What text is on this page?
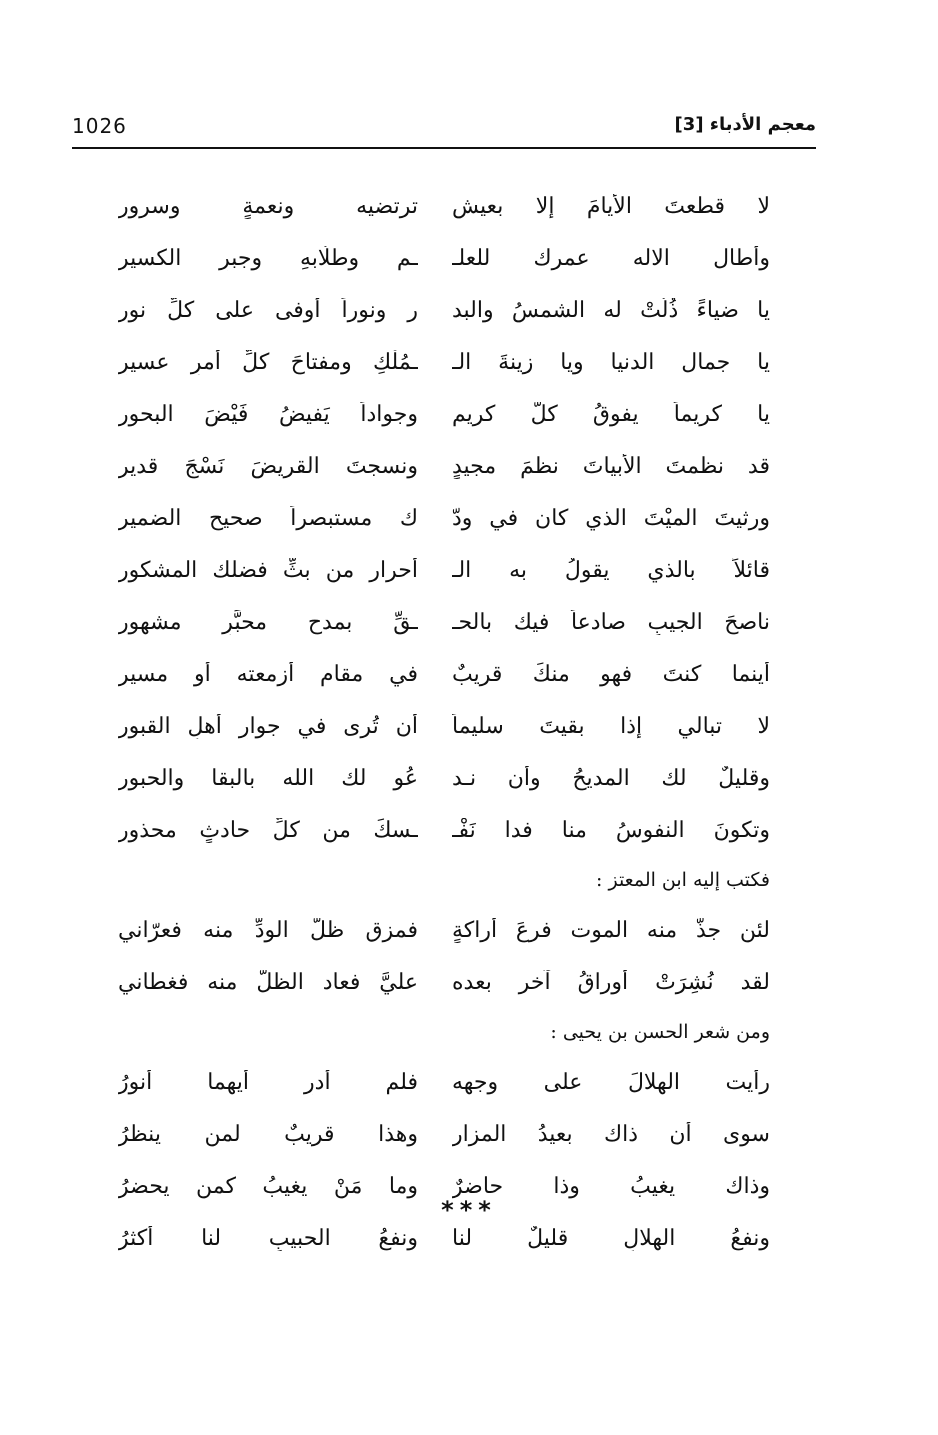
1026	معجم الأدباء [3]
لا قطعتَ الأيامَ إلا بعيشٍ
ترتضيه ونعمةٍ وسرورِ
وأطال الاله عمرك للعلـ
ـم وطلّابهِ وجبرِ الكسيرِ
يا ضياءً ذُلّتْ له الشمسُ والبد
ر ونوراً أوفى على كلِّ نورِ
يا جمال الدنيا ويا زينةَ الـ
ـمُلْكِ ومفتاحَ كلِّ أمرٍ عسيرِ
يا كريماً يفوقُ كلَّ كريمٍ
وجواداً يَفيضُ فَيْضَ البحورِ
قد نظمتَ الأبياتَ نظمَ مجيدٍ
ونسجتَ القريضَ نَسْجَ قديرِ
ورثيتَ الميْتَ الذي كان في ودّ
ك مستبصراً صحيح الضميرِ
قائلاً بالذي يقولُ به الـ
أحرار من بثِّ فضلك المشكورِ
ناصحَ الجيبِ صادعاً فيك بالحـ
ـقِّ بمدحٍ محبَّرٍ مشهورِ
أينما كنتَ فهو منكَ قريبٌ
في مقامٍ أزمعته أو مسيرِ
لا تبالي إذا بقيتَ سليماً
أن تُرى في جوارِ أهلِ القبورِ
وقليلٌ لك المديحُ وأن نـد
عُو لك الله بالبقا والحبورِ
وتكونَ النفوسُ منا فدا نَفْـ
ـسكَ من كلِّ حادثٍ محذورِ
فكتب إليه ابن المعتز :
لئن جذَّ منه الموت فرعَ أراكةٍ
فمزق ظلَّ الودِّ منه فعرّاني
لقد نُشِرَتْ أوراقُ آخر بعده
عليَّ فعاد الظلُّ منه فغطاني
ومن شعر الحسن بن يحيى :
رأيت الهلالَ على وجهه
فلم أدرِ أيهما أنورُ
سوى أن ذاك بعيدُ المزارِ
وهذا قريبٌ لمن ينظرُ
وذاك يغيبُ وذا حاضرٌ
وما مَنْ يغيبُ كمن يحضرُ
ونفعُ الهلالِ قليلٌ لنا
ونفعُ الحبيبِ لنا أكثرُ
***
